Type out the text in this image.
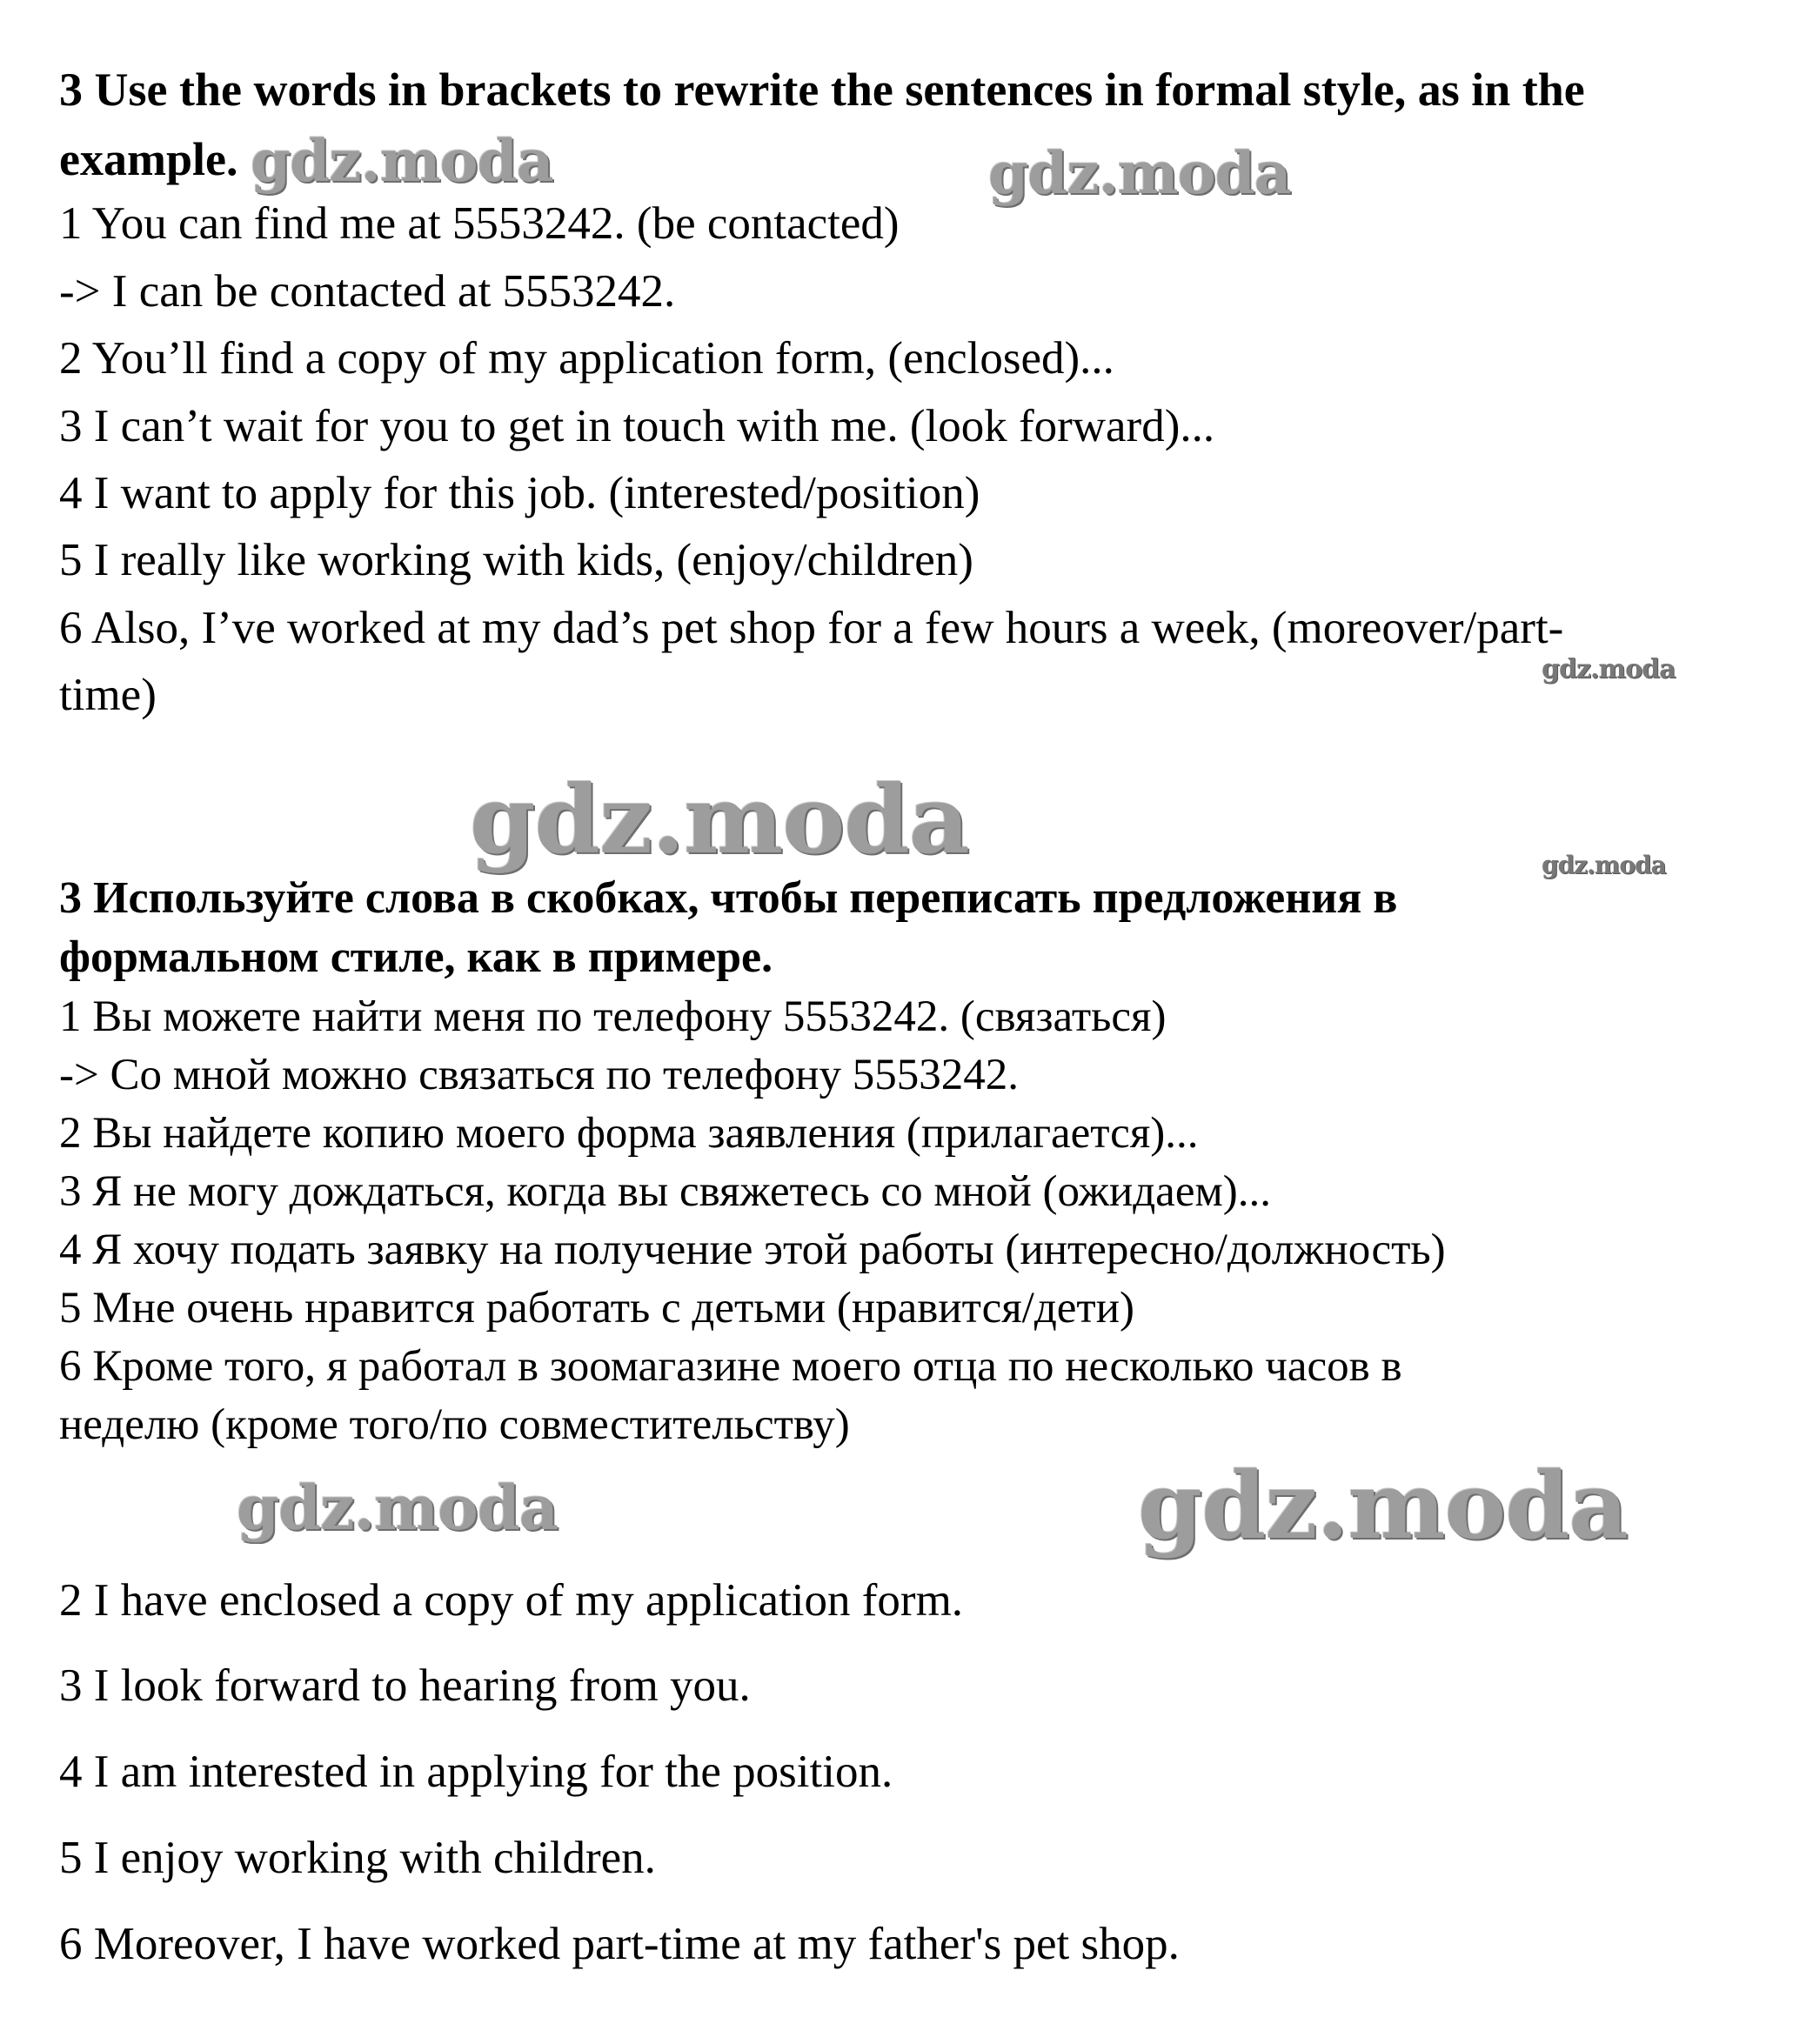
3 Use the words in brackets to rewrite the sentences in formal style, as in the
example.
1 You can find me at 5553242. (be contacted)
-> I can be contacted at 5553242.
2 You’ll find a copy of my application form, (enclosed)...
3 I can’t wait for you to get in touch with me. (look forward)...
4 I want to apply for this job. (interested/position)
5 I really like working with kids, (enjoy/children)
6 Also, I’ve worked at my dad’s pet shop for a few hours a week, (moreover/part-
time)
3 Используйте слова в скобках, чтобы переписать предложения в
формальном стиле, как в примере.
1 Вы можете найти меня по телефону 5553242. (связаться)
-> Со мной можно связаться по телефону 5553242.
2 Вы найдете копию моего форма заявления (прилагается)...
3 Я не могу дождаться, когда вы свяжетесь со мной (ожидаем)...
4 Я хочу подать заявку на получение этой работы (интересно/должность)
5 Мне очень нравится работать с детьми (нравится/дети)
6 Кроме того, я работал в зоомагазине моего отца по несколько часов в
неделю (кроме того/по совместительству)
2 I have enclosed a copy of my application form.
3 I look forward to hearing from you.
4 I am interested in applying for the position.
5 I enjoy working with children.
6 Moreover, I have worked part-time at my father's pet shop.
gdz.moda	gdz.moda
gdz.moda
gdz.moda	gdz.moda
gdz.moda	gdz.moda
